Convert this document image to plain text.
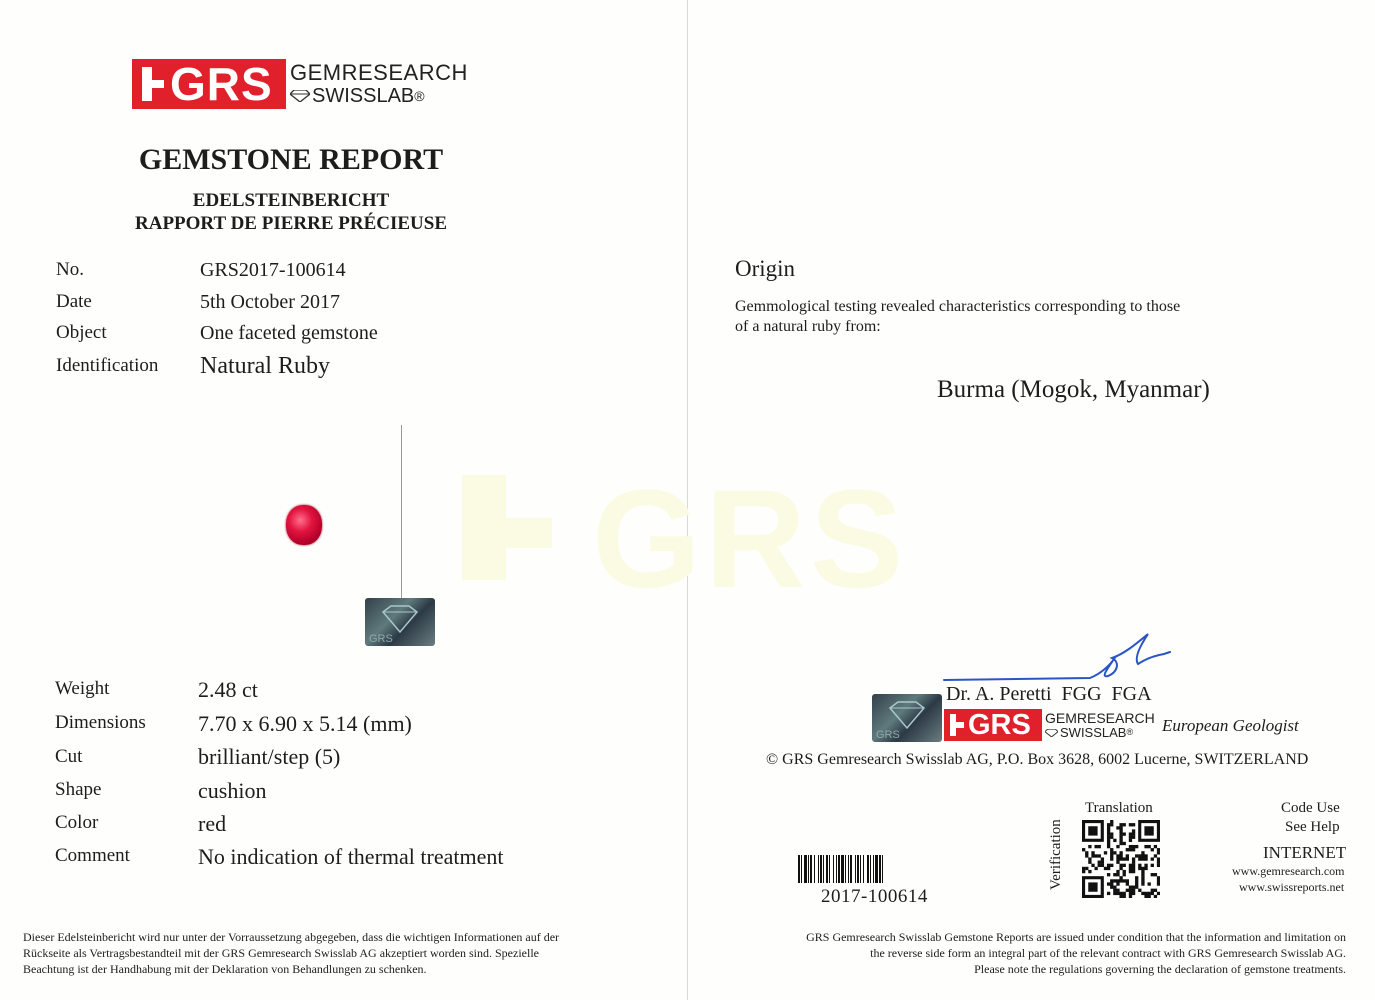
GRS GEMRESEARCH
SWISSLAB ®
GEMSTONE REPORT
EDELSTEINBERICHT
RAPPORT DE PIERRE PRÉCIEUSE
No.	GRS2017-100614
Date	5th October 2017
Object	One faceted gemstone
Identification Natural Ruby
GRS
Weight	2.48 ct
Dimensions 7.70 x 6.90 x 5.14 (mm)
Cut	brilliant/step (5)
Shape	cushion
Color	red
Comment	No indication of thermal treatment
Dieser Edelsteinbericht wird nur unter der Vorraussetzung abgegeben, dass die wichtigen Informationen auf der
Rückseite als Vertragsbestandteil mit der GRS Gemresearch Swisslab AG akzeptiert worden sind. Spezielle
Beachtung ist der Handhabung mit der Deklaration von Behandlungen zu schenken.
Origin
Gemmological testing revealed characteristics corresponding to those
of a natural ruby from:
Burma (Mogok, Myanmar)
Dr. A. Peretti  FGG  FGA
GRS GRS GEMRESEARCH
SWISSLAB ® European Geologist
© GRS Gemresearch Swisslab AG, P.O. Box 3628, 6002 Lucerne, SWITZERLAND
Translation
Verification
Code Use
See Help
INTERNET
www.gemresearch.com
www.swissreports.net
2017-100614
GRS Gemresearch Swisslab Gemstone Reports are issued under condition that the information and limitation on
the reverse side form an integral part of the relevant contract with GRS Gemresearch Swisslab AG.
Please note the regulations governing the declaration of gemstone treatments.
GRS
